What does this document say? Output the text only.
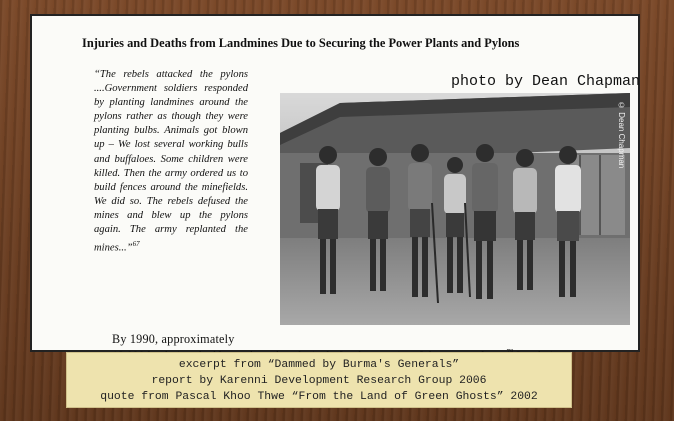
Injuries and Deaths from Landmines Due to Securing the Power Plants and Pylons
“The rebels attacked the pylons ....Government soldiers responded by planting landmines around the pylons rather as though they were planting bulbs. Animals got blown up – We lost several working bulls and buffaloes. Some children were killed. Then the army ordered us to build fences around the minefields. We did so. The rebels defused the mines and blew up the pylons again. The army replanted the mines...”$^{67}$
photo by Dean Chapman
© Dean Chapman
By 1990, approximately
excerpt from “Dammed by Burma's Generals”
report by Karenni Development Research Group 2006
quote from Pascal Khoo Thwe “From the Land of Green Ghosts” 2002
